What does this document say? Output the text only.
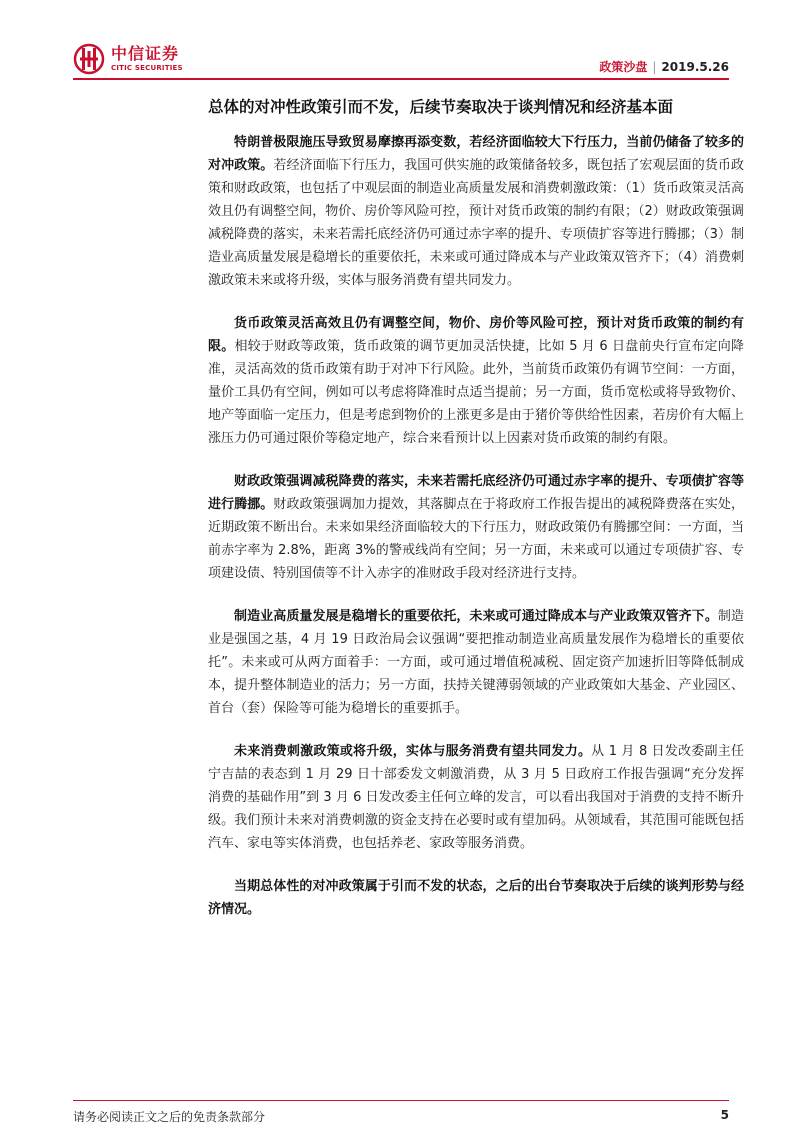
中信证券
CITIC SECURITIES	政策沙盘 | 2019.5.26
总体的对冲性政策引而不发，后续节奏取决于谈判情况和经济基本面

特朗普极限施压导致贸易摩擦再添变数，若经济面临较大下行压力，当前仍储备了较多的对冲政策。若经济面临下行压力，我国可供实施的政策储备较多，既包括了宏观层面的货币政策和财政政策，也包括了中观层面的制造业高质量发展和消费刺激政策：（1）货币政策灵活高效且仍有调整空间，物价、房价等风险可控，预计对货币政策的制约有限；（2）财政政策强调减税降费的落实，未来若需托底经济仍可通过赤字率的提升、专项债扩容等进行腾挪；（3）制造业高质量发展是稳增长的重要依托，未来或可通过降成本与产业政策双管齐下；（4）消费刺激政策未来或将升级，实体与服务消费有望共同发力。

货币政策灵活高效且仍有调整空间，物价、房价等风险可控，预计对货币政策的制约有限。相较于财政等政策，货币政策的调节更加灵活快捷，比如 5 月 6 日盘前央行宣布定向降准，灵活高效的货币政策有助于对冲下行风险。此外，当前货币政策仍有调节空间：一方面，量价工具仍有空间，例如可以考虑将降准时点适当提前；另一方面，货币宽松或将导致物价、地产等面临一定压力，但是考虑到物价的上涨更多是由于猪价等供给性因素，若房价有大幅上涨压力仍可通过限价等稳定地产，综合来看预计以上因素对货币政策的制约有限。

财政政策强调减税降费的落实，未来若需托底经济仍可通过赤字率的提升、专项债扩容等进行腾挪。财政政策强调加力提效，其落脚点在于将政府工作报告提出的减税降费落在实处，近期政策不断出台。未来如果经济面临较大的下行压力，财政政策仍有腾挪空间：一方面，当前赤字率为 2.8%，距离 3%的警戒线尚有空间；另一方面，未来或可以通过专项债扩容、专项建设债、特别国债等不计入赤字的准财政手段对经济进行支持。

制造业高质量发展是稳增长的重要依托，未来或可通过降成本与产业政策双管齐下。制造业是强国之基，4 月 19 日政治局会议强调“要把推动制造业高质量发展作为稳增长的重要依托”。未来或可从两方面着手：一方面，或可通过增值税减税、固定资产加速折旧等降低制成本，提升整体制造业的活力；另一方面，扶持关键薄弱领域的产业政策如大基金、产业园区、首台（套）保险等可能为稳增长的重要抓手。

未来消费刺激政策或将升级，实体与服务消费有望共同发力。从 1 月 8 日发改委副主任宁吉喆的表态到 1 月 29 日十部委发文刺激消费，从 3 月 5 日政府工作报告强调“充分发挥消费的基础作用”到 3 月 6 日发改委主任何立峰的发言，可以看出我国对于消费的支持不断升级。我们预计未来对消费刺激的资金支持在必要时或有望加码。从领域看，其范围可能既包括汽车、家电等实体消费，也包括养老、家政等服务消费。

当期总体性的对冲政策属于引而不发的状态，之后的出台节奏取决于后续的谈判形势与经济情况。

请务必阅读正文之后的免责条款部分	5
